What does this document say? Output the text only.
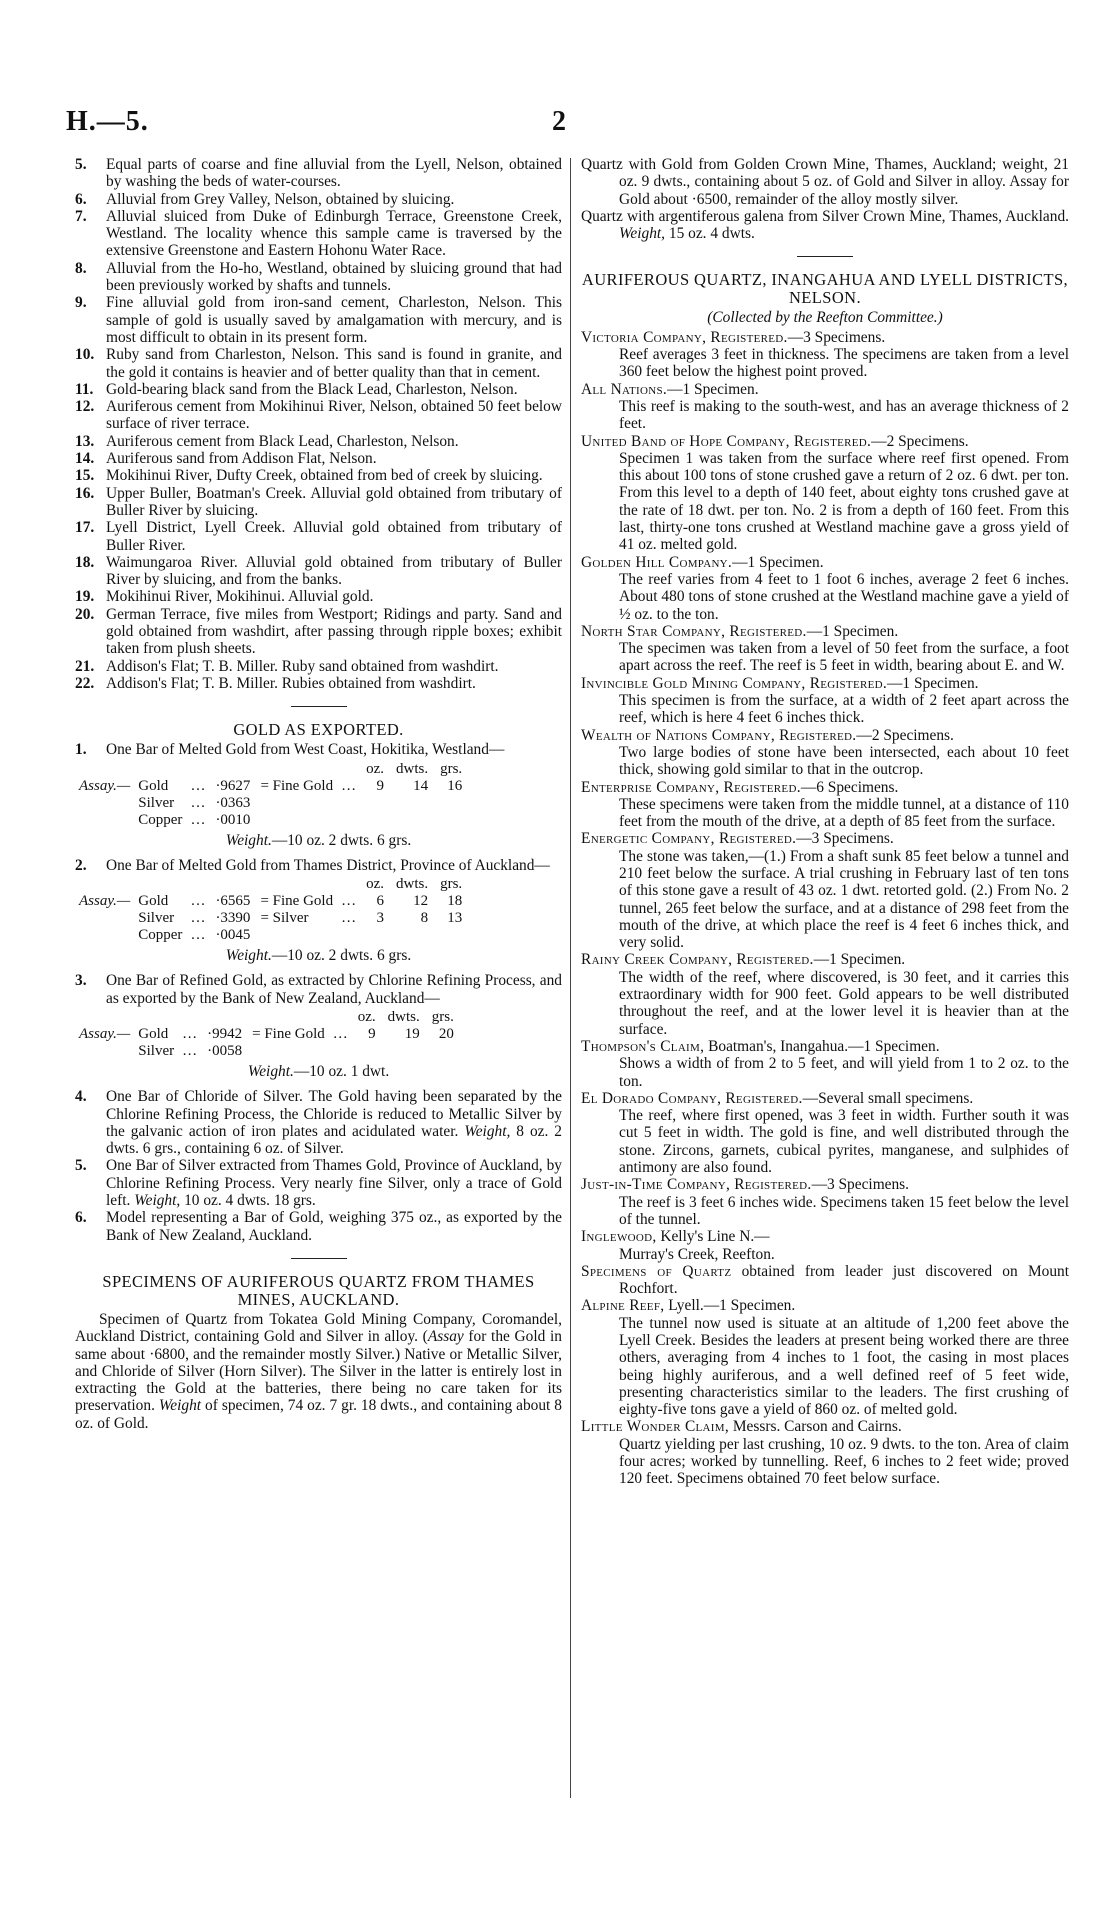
H.—5.	2

5. Equal parts of coarse and fine alluvial from the Lyell, Nelson, obtained by washing the beds of water-courses.

6. Alluvial from Grey Valley, Nelson, obtained by sluicing.

7. Alluvial sluiced from Duke of Edinburgh Terrace, Greenstone Creek, Westland. The locality whence this sample came is traversed by the extensive Greenstone and Eastern Hohonu Water Race.

8. Alluvial from the Ho-ho, Westland, obtained by sluicing ground that had been previously worked by shafts and tunnels.

9. Fine alluvial gold from iron-sand cement, Charleston, Nelson. This sample of gold is usually saved by amalgamation with mercury, and is most difficult to obtain in its present form.

10. Ruby sand from Charleston, Nelson. This sand is found in granite, and the gold it contains is heavier and of better quality than that in cement.

11. Gold-bearing black sand from the Black Lead, Charleston, Nelson.

12. Auriferous cement from Mokihinui River, Nelson, obtained 50 feet below surface of river terrace.

13. Auriferous cement from Black Lead, Charleston, Nelson.

14. Auriferous sand from Addison Flat, Nelson.

15. Mokihinui River, Dufty Creek, obtained from bed of creek by sluicing.

16. Upper Buller, Boatman's Creek. Alluvial gold obtained from tributary of Buller River by sluicing.

17. Lyell District, Lyell Creek. Alluvial gold obtained from tributary of Buller River.

18. Waimungaroa River. Alluvial gold obtained from tributary of Buller River by sluicing, and from the banks.

19. Mokihinui River, Mokihinui. Alluvial gold.

20. German Terrace, five miles from Westport; Ridings and party. Sand and gold obtained from washdirt, after passing through ripple boxes; exhibit taken from plush sheets.

21. Addison's Flat; T. B. Miller. Ruby sand obtained from washdirt.

22. Addison's Flat; T. B. Miller. Rubies obtained from washdirt.

GOLD AS EXPORTED.

1. One Bar of Melted Gold from West Coast, Hokitika, Westland—

						oz.	dwts.	grs.
Assay.—	Gold	…	·9627	= Fine Gold	…	9	14	16
	Silver	…	·0363					
	Copper	…	·0010					
Weight.—10 oz. 2 dwts. 6 grs.

2. One Bar of Melted Gold from Thames District, Province of Auckland—

						oz.	dwts.	grs.
Assay.—	Gold	…	·6565	= Fine Gold	…	6	12	18
	Silver	…	·3390	= Silver	…	3	8	13
	Copper	…	·0045					
Weight.—10 oz. 2 dwts. 6 grs.

3. One Bar of Refined Gold, as extracted by Chlorine Refining Process, and as exported by the Bank of New Zealand, Auckland—

						oz.	dwts.	grs.
Assay.—	Gold	…	·9942	= Fine Gold	…	9	19	20
	Silver	…	·0058					
Weight.—10 oz. 1 dwt.

4. One Bar of Chloride of Silver. The Gold having been separated by the Chlorine Refining Process, the Chloride is reduced to Metallic Silver by the galvanic action of iron plates and acidulated water. Weight, 8 oz. 2 dwts. 6 grs., containing 6 oz. of Silver.

5. One Bar of Silver extracted from Thames Gold, Province of Auckland, by Chlorine Refining Process. Very nearly fine Silver, only a trace of Gold left. Weight, 10 oz. 4 dwts. 18 grs.

6. Model representing a Bar of Gold, weighing 375 oz., as exported by the Bank of New Zealand, Auckland.

SPECIMENS OF AURIFEROUS QUARTZ FROM THAMES MINES, AUCKLAND.

Specimen of Quartz from Tokatea Gold Mining Company, Coromandel, Auckland District, containing Gold and Silver in alloy. (Assay for the Gold in same about ·6800, and the remainder mostly Silver.) Native or Metallic Silver, and Chloride of Silver (Horn Silver). The Silver in the latter is entirely lost in extracting the Gold at the batteries, there being no care taken for its preservation. Weight of specimen, 74 oz. 7 gr. 18 dwts., and containing about 8 oz. of Gold.

Quartz with Gold from Golden Crown Mine, Thames, Auckland; weight, 21 oz. 9 dwts., containing about 5 oz. of Gold and Silver in alloy. Assay for Gold about ·6500, remainder of the alloy mostly silver.

Quartz with argentiferous galena from Silver Crown Mine, Thames, Auckland. Weight, 15 oz. 4 dwts.

AURIFEROUS QUARTZ, INANGAHUA AND LYELL DISTRICTS, NELSON.
(Collected by the Reefton Committee.)

Victoria Company, Registered.—3 Specimens.

Reef averages 3 feet in thickness. The specimens are taken from a level 360 feet below the highest point proved.

All Nations.—1 Specimen.

This reef is making to the south-west, and has an average thickness of 2 feet.

United Band of Hope Company, Registered.—2 Specimens.

Specimen 1 was taken from the surface where reef first opened. From this about 100 tons of stone crushed gave a return of 2 oz. 6 dwt. per ton. From this level to a depth of 140 feet, about eighty tons crushed gave at the rate of 18 dwt. per ton. No. 2 is from a depth of 160 feet. From this last, thirty-one tons crushed at Westland machine gave a gross yield of 41 oz. melted gold.

Golden Hill Company.—1 Specimen.

The reef varies from 4 feet to 1 foot 6 inches, average 2 feet 6 inches. About 480 tons of stone crushed at the Westland machine gave a yield of ½ oz. to the ton.

North Star Company, Registered.—1 Specimen.

The specimen was taken from a level of 50 feet from the surface, a foot apart across the reef. The reef is 5 feet in width, bearing about E. and W.

Invincible Gold Mining Company, Registered.—1 Specimen.

This specimen is from the surface, at a width of 2 feet apart across the reef, which is here 4 feet 6 inches thick.

Wealth of Nations Company, Registered.—2 Specimens.

Two large bodies of stone have been intersected, each about 10 feet thick, showing gold similar to that in the outcrop.

Enterprise Company, Registered.—6 Specimens.

These specimens were taken from the middle tunnel, at a distance of 110 feet from the mouth of the drive, at a depth of 85 feet from the surface.

Energetic Company, Registered.—3 Specimens.

The stone was taken,—(1.) From a shaft sunk 85 feet below a tunnel and 210 feet below the surface. A trial crushing in February last of ten tons of this stone gave a result of 43 oz. 1 dwt. retorted gold. (2.) From No. 2 tunnel, 265 feet below the surface, and at a distance of 298 feet from the mouth of the drive, at which place the reef is 4 feet 6 inches thick, and very solid.

Rainy Creek Company, Registered.—1 Specimen.

The width of the reef, where discovered, is 30 feet, and it carries this extraordinary width for 900 feet. Gold appears to be well distributed throughout the reef, and at the lower level it is heavier than at the surface.

Thompson's Claim, Boatman's, Inangahua.—1 Specimen.

Shows a width of from 2 to 5 feet, and will yield from 1 to 2 oz. to the ton.

El Dorado Company, Registered.—Several small specimens.

The reef, where first opened, was 3 feet in width. Further south it was cut 5 feet in width. The gold is fine, and well distributed through the stone. Zircons, garnets, cubical pyrites, manganese, and sulphides of antimony are also found.

Just-in-Time Company, Registered.—3 Specimens.

The reef is 3 feet 6 inches wide. Specimens taken 15 feet below the level of the tunnel.

Inglewood, Kelly's Line N.—

Murray's Creek, Reefton.

Specimens of Quartz obtained from leader just discovered on Mount Rochfort.

Alpine Reef, Lyell.—1 Specimen.

The tunnel now used is situate at an altitude of 1,200 feet above the Lyell Creek. Besides the leaders at present being worked there are three others, averaging from 4 inches to 1 foot, the casing in most places being highly auriferous, and a well defined reef of 5 feet wide, presenting characteristics similar to the leaders. The first crushing of eighty-five tons gave a yield of 860 oz. of melted gold.

Little Wonder Claim, Messrs. Carson and Cairns.

Quartz yielding per last crushing, 10 oz. 9 dwts. to the ton. Area of claim four acres; worked by tunnelling. Reef, 6 inches to 2 feet wide; proved 120 feet. Specimens obtained 70 feet below surface.
